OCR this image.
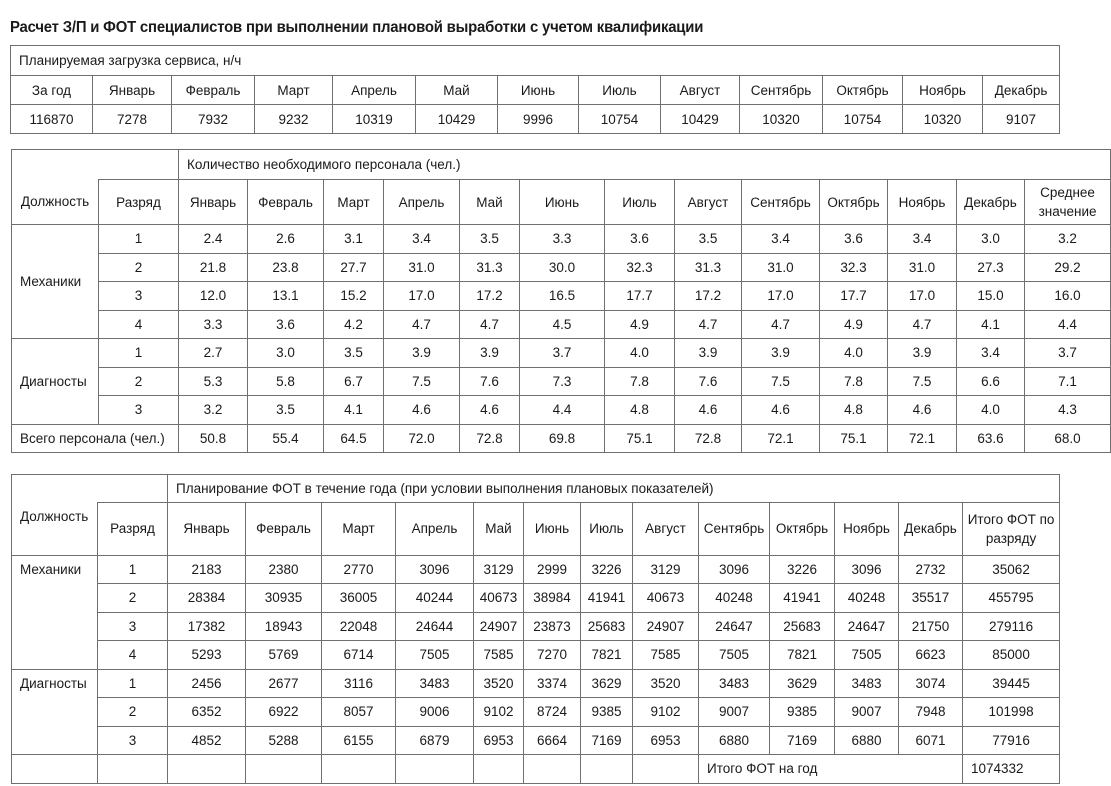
Расчет З/П и ФОТ специалистов при выполнении плановой выработки с учетом квалификации
Планируемая загрузка сервиса, н/ч												
За год	Январь	Февраль	Март	Апрель	Май	Июнь	Июль	Август	Сентябрь	Октябрь	Ноябрь	Декабрь
116870	7278	7932	9232	10319	10429	9996	10754	10429	10320	10754	10320	9107
		Количество необходимого персонала (чел.)												
Должность	Разряд	Январь	Февраль	Март	Апрель	Май	Июнь	Июль	Август	Сентябрь	Октябрь	Ноябрь	Декабрь	Среднее значение
Механики	1	2.4	2.6	3.1	3.4	3.5	3.3	3.6	3.5	3.4	3.6	3.4	3.0	3.2
	2	21.8	23.8	27.7	31.0	31.3	30.0	32.3	31.3	31.0	32.3	31.0	27.3	29.2
	3	12.0	13.1	15.2	17.0	17.2	16.5	17.7	17.2	17.0	17.7	17.0	15.0	16.0
	4	3.3	3.6	4.2	4.7	4.7	4.5	4.9	4.7	4.7	4.9	4.7	4.1	4.4
Диагносты	1	2.7	3.0	3.5	3.9	3.9	3.7	4.0	3.9	3.9	4.0	3.9	3.4	3.7
	2	5.3	5.8	6.7	7.5	7.6	7.3	7.8	7.6	7.5	7.8	7.5	6.6	7.1
	3	3.2	3.5	4.1	4.6	4.6	4.4	4.8	4.6	4.6	4.8	4.6	4.0	4.3
Всего персонала (чел.)		50.8	55.4	64.5	72.0	72.8	69.8	75.1	72.8	72.1	75.1	72.1	63.6	68.0
		Планирование ФОТ в течение года (при условии выполнения плановых показателей)												
Должность	Разряд	Январь	Февраль	Март	Апрель	Май	Июнь	Июль	Август	Сентябрь	Октябрь	Ноябрь	Декабрь	Итого ФОТ по разряду
Механики	1	2183	2380	2770	3096	3129	2999	3226	3129	3096	3226	3096	2732	35062
	2	28384	30935	36005	40244	40673	38984	41941	40673	40248	41941	40248	35517	455795
	3	17382	18943	22048	24644	24907	23873	25683	24907	24647	25683	24647	21750	279116
	4	5293	5769	6714	7505	7585	7270	7821	7585	7505	7821	7505	6623	85000
Диагносты	1	2456	2677	3116	3483	3520	3374	3629	3520	3483	3629	3483	3074	39445
	2	6352	6922	8057	9006	9102	8724	9385	9102	9007	9385	9007	7948	101998
	3	4852	5288	6155	6879	6953	6664	7169	6953	6880	7169	6880	6071	77916
										Итого ФОТ на год				1074332
